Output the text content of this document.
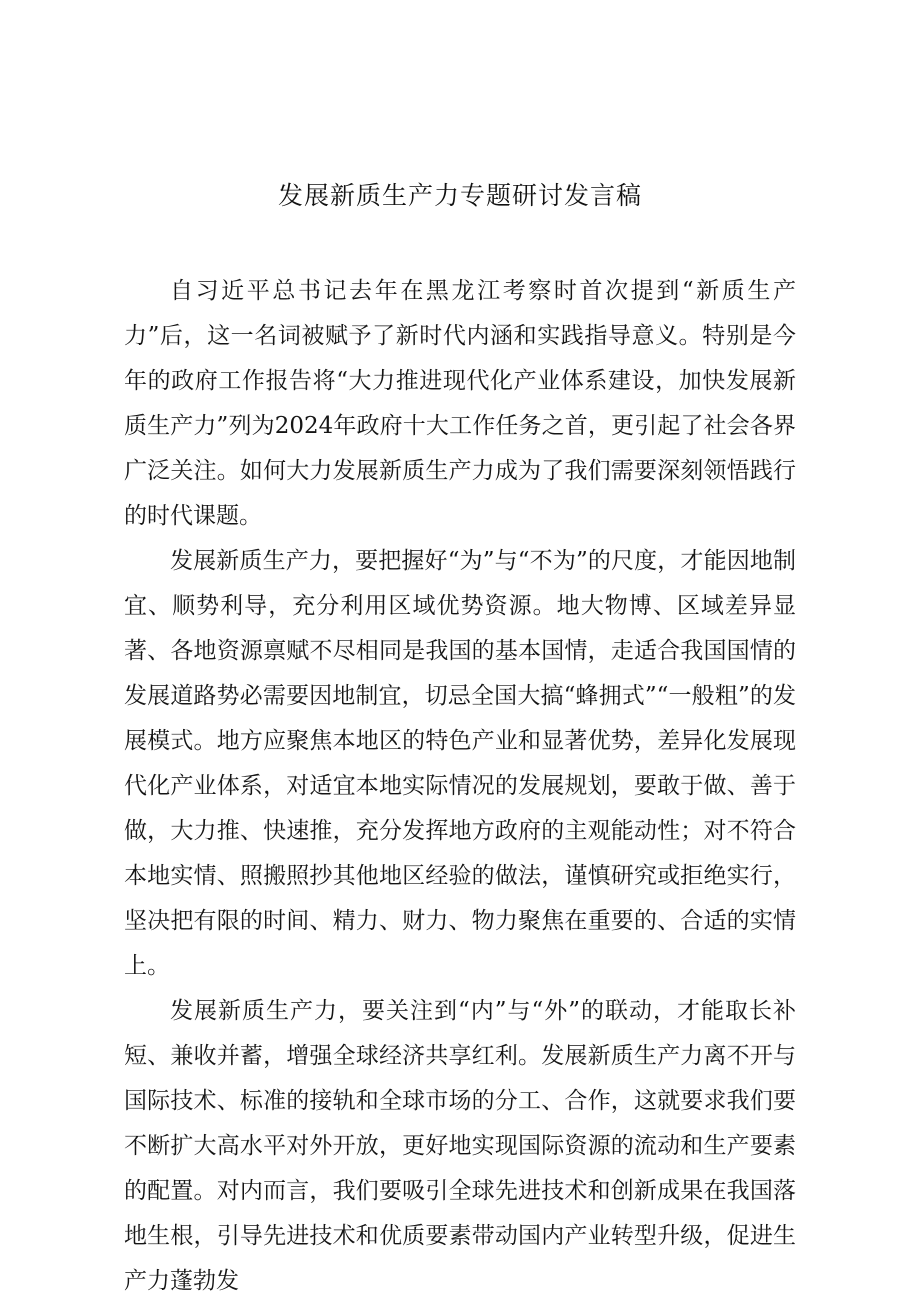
发展新质生产力专题研讨发言稿

自习近平总书记去年在黑龙江考察时首次提到“新质生产力”后，这一名词被赋予了新时代内涵和实践指导意义。特别是今年的政府工作报告将“大力推进现代化产业体系建设，加快发展新质生产力”列为2024年政府十大工作任务之首，更引起了社会各界广泛关注。如何大力发展新质生产力成为了我们需要深刻领悟践行的时代课题。

发展新质生产力，要把握好“为”与“不为”的尺度，才能因地制宜、顺势利导，充分利用区域优势资源。地大物博、区域差异显著、各地资源禀赋不尽相同是我国的基本国情，走适合我国国情的发展道路势必需要因地制宜，切忌全国大搞“蜂拥式”“一般粗”的发展模式。地方应聚焦本地区的特色产业和显著优势，差异化发展现代化产业体系，对适宜本地实际情况的发展规划，要敢于做、善于做，大力推、快速推，充分发挥地方政府的主观能动性；对不符合本地实情、照搬照抄其他地区经验的做法，谨慎研究或拒绝实行，坚决把有限的时间、精力、财力、物力聚焦在重要的、合适的实情上。

发展新质生产力，要关注到“内”与“外”的联动，才能取长补短、兼收并蓄，增强全球经济共享红利。发展新质生产力离不开与国际技术、标准的接轨和全球市场的分工、合作，这就要求我们要不断扩大高水平对外开放，更好地实现国际资源的流动和生产要素的配置。对内而言，我们要吸引全球先进技术和创新成果在我国落地生根，引导先进技术和优质要素带动国内产业转型升级，促进生产力蓬勃发
